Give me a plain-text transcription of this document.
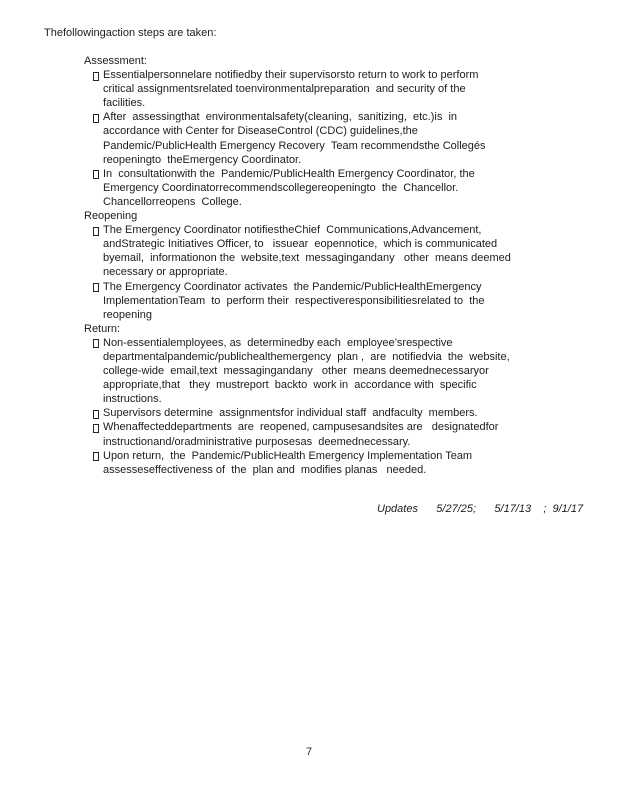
Thefollowingaction steps are taken:
Assessment:
Essentialpersonnelare notifiedby their supervisorsto return to work to perform
critical assignmentsrelated toenvironmentalpreparation  and security of the
facilities.
After  assessingthat  environmentalsafety(cleaning,  sanitizing,  etc.)is  in
accordance with Center for DiseaseControl (CDC) guidelines,the
Pandemic/PublicHealth Emergency Recovery  Team recommendsthe Collegés
reopeningto  theEmergency Coordinator.
In  consultationwith the  Pandemic/PublicHealth Emergency Coordinator, the
Emergency Coordinatorrecommendscollegereopeningto  the  Chancellor.
Chancellorreopens  College.
Reopening
The Emergency Coordinator notifiestheChief  Communications,Advancement,
andStrategic Initiatives Officer, to   issuear  eopennotice,  which is communicated
byemail,  informationon the  website,text  messagingandany   other  means deemed
necessary or appropriate.
The Emergency Coordinator activates  the Pandemic/PublicHealthEmergency
ImplementationTeam  to  perform their  respectiveresponsibilitiesrelated to  the
reopening
Return:
Non-essentialemployees, as  determinedby each  employee’srespective
departmentalpandemic/publichealthemergency  plan ,  are  notifiedvia  the  website,
college-wide  email,text  messagingandany   other  means deemednecessaryor
appropriate,that   they  mustreport  backto  work in  accordance with  specific
instructions.
Supervisors determine  assignmentsfor individual staff  andfaculty  members.
Whenaffecteddepartments  are  reopened, campusesandsites are   designatedfor
instructionand/oradministrative purposesas  deemednecessary.
Upon return,  the  Pandemic/PublicHealth Emergency Implementation Team
assesseseffectiveness of  the  plan and  modifies planas   needed.
Updates      5/27/25;      5/17/13    ;  9/1/17
7
